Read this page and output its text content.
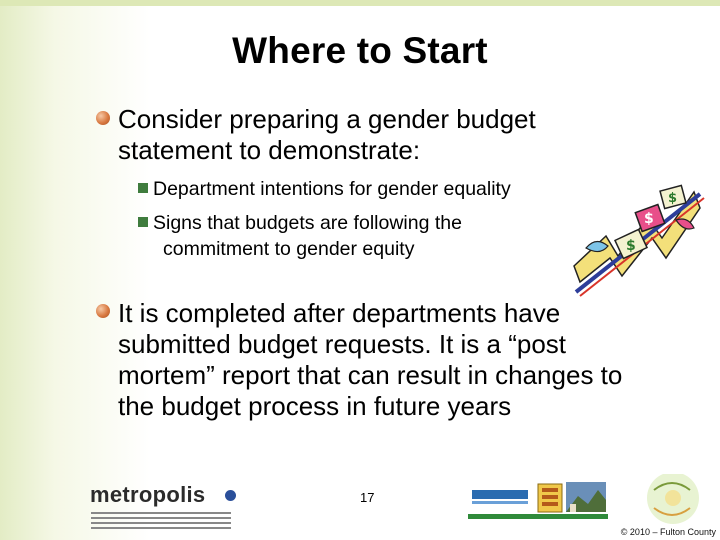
Where to Start
Consider preparing a gender budget statement to demonstrate:
Department intentions for gender equality
Signs that budgets are following the
commitment to gender equity	$
$
$
It is completed after departments have submitted budget requests. It is a “post mortem” report that can result in changes to the budget process in future years
17
metropolis
© 2010 – Fulton County
